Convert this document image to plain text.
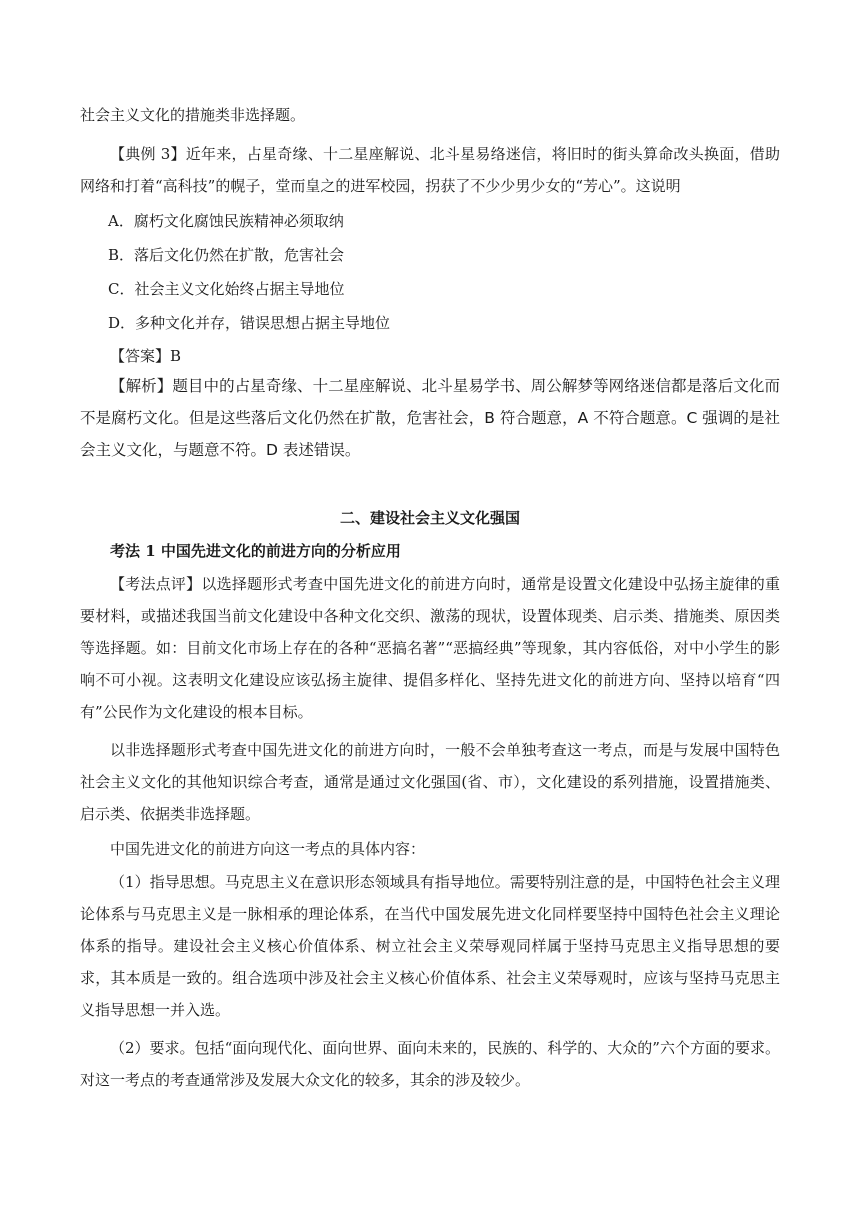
社会主义文化的措施类非选择题。

【典例 3】近年来，占星奇缘、十二星座解说、北斗星易络迷信，将旧时的街头算命改头换面，借助网络和打着“高科技”的幌子，堂而皇之的进军校园，拐获了不少少男少女的“芳心”。这说明

A．腐朽文化腐蚀民族精神必须取纳

B．落后文化仍然在扩散，危害社会

C．社会主义文化始终占据主导地位

D．多种文化并存，错误思想占据主导地位

【答案】B

【解析】题目中的占星奇缘、十二星座解说、北斗星易学书、周公解梦等网络迷信都是落后文化而不是腐朽文化。但是这些落后文化仍然在扩散，危害社会，B 符合题意，A 不符合题意。C 强调的是社会主义文化，与题意不符。D 表述错误。

二、建设社会主义文化强国

考法 1 中国先进文化的前进方向的分析应用

【考法点评】以选择题形式考查中国先进文化的前进方向时，通常是设置文化建设中弘扬主旋律的重要材料，或描述我国当前文化建设中各种文化交织、激荡的现状，设置体现类、启示类、措施类、原因类等选择题。如：目前文化市场上存在的各种“恶搞名著”“恶搞经典”等现象，其内容低俗，对中小学生的影响不可小视。这表明文化建设应该弘扬主旋律、提倡多样化、坚持先进文化的前进方向、坚持以培育“四有”公民作为文化建设的根本目标。

以非选择题形式考查中国先进文化的前进方向时，一般不会单独考查这一考点，而是与发展中国特色社会主义文化的其他知识综合考查，通常是通过文化强国(省、市），文化建设的系列措施，设置措施类、启示类、依据类非选择题。

中国先进文化的前进方向这一考点的具体内容：

（1）指导思想。马克思主义在意识形态领域具有指导地位。需要特别注意的是，中国特色社会主义理论体系与马克思主义是一脉相承的理论体系，在当代中国发展先进文化同样要坚持中国特色社会主义理论体系的指导。建设社会主义核心价值体系、树立社会主义荣辱观同样属于坚持马克思主义指导思想的要求，其本质是一致的。组合选项中涉及社会主义核心价值体系、社会主义荣辱观时，应该与坚持马克思主义指导思想一并入选。

（2）要求。包括“面向现代化、面向世界、面向未来的，民族的、科学的、大众的”六个方面的要求。对这一考点的考查通常涉及发展大众文化的较多，其余的涉及较少。
